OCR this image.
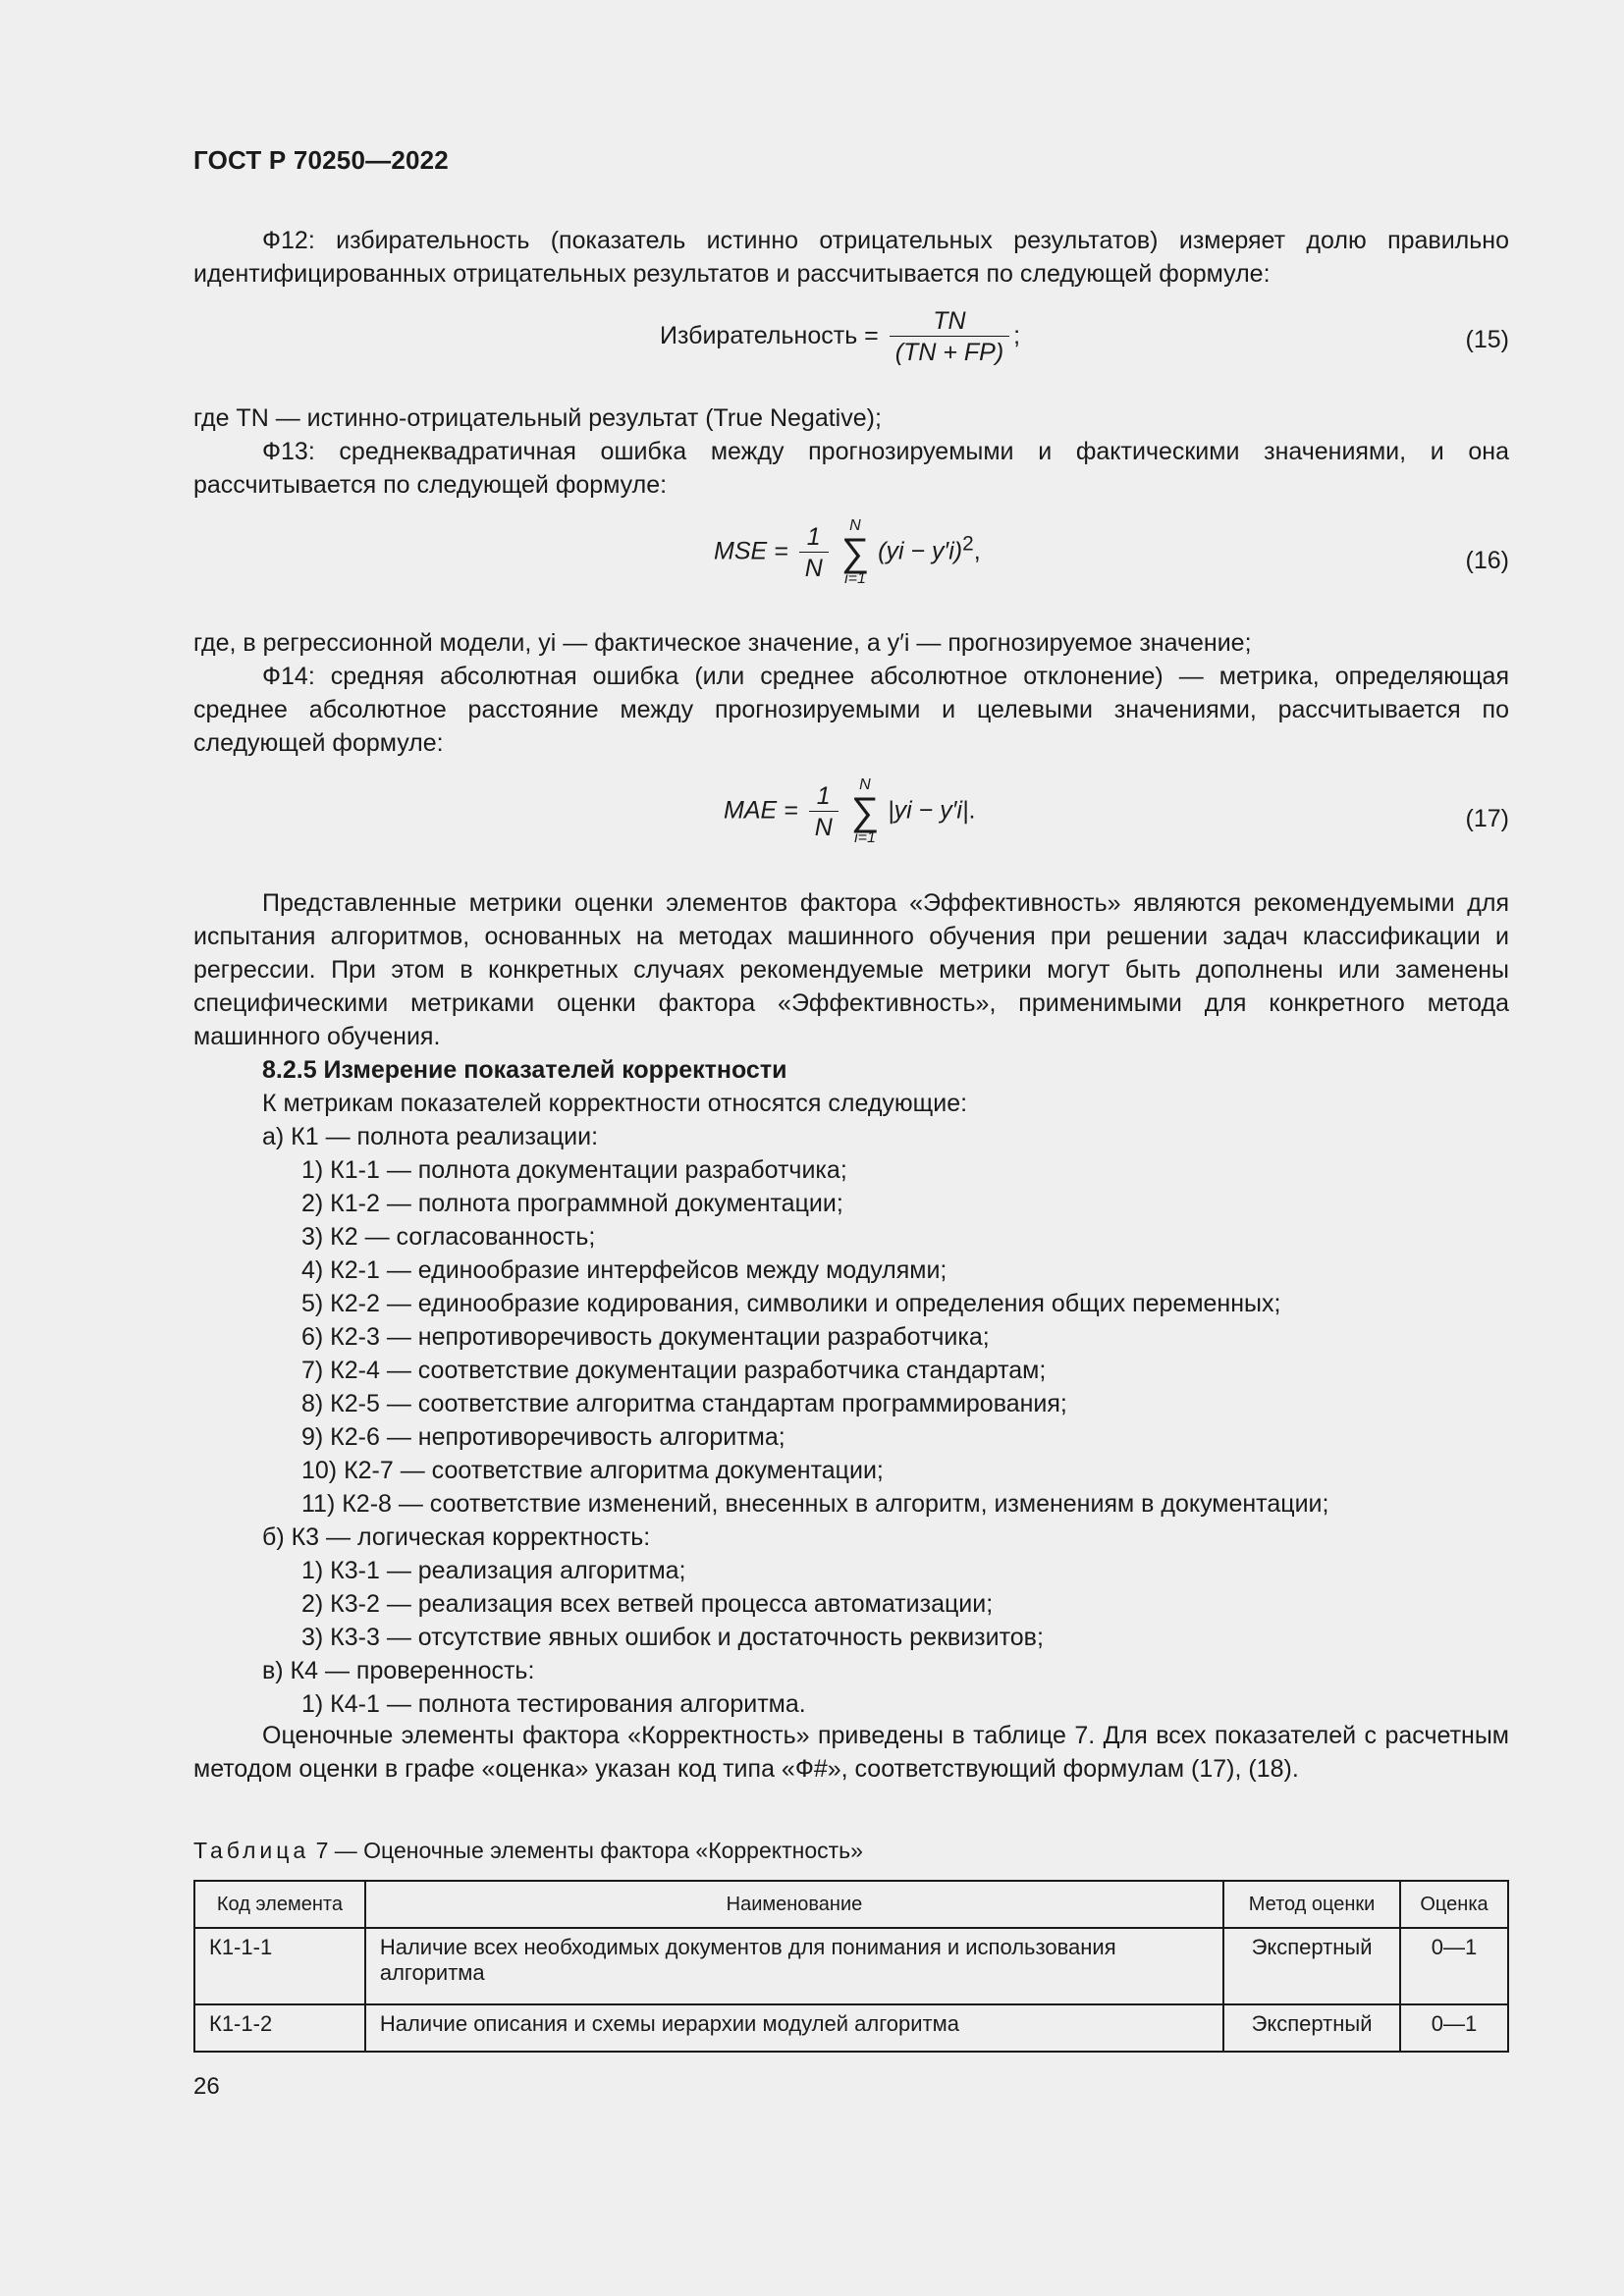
ГОСТ Р 70250—2022
Ф12: избирательность (показатель истинно отрицательных результатов) измеряет долю правильно идентифицированных отрицательных результатов и рассчитывается по следующей формуле:
Избирательность = $\frac{TN}{(TN + FP)}$ ;	(15)
где TN — истинно-отрицательный результат (True Negative);
Ф13: среднеквадратичная ошибка между прогнозируемыми и фактическими значениями, и она рассчитывается по следующей формуле:
MSE = $\frac{1}{N}$
N
∑
i=1
(yi − y′i)$^2$,	(16)
где, в регрессионной модели, yi — фактическое значение, а y′i — прогнозируемое значение;
Ф14: средняя абсолютная ошибка (или среднее абсолютное отклонение) — метрика, определяющая среднее абсолютное расстояние между прогнозируемыми и целевыми значениями, рассчитывается по следующей формуле:
MAE = $\frac{1}{N}$
N
∑
i=1
|yi − y′i|.	(17)
Представленные метрики оценки элементов фактора «Эффективность» являются рекомендуемыми для испытания алгоритмов, основанных на методах машинного обучения при решении задач классификации и регрессии. При этом в конкретных случаях рекомендуемые метрики могут быть дополнены или заменены специфическими метриками оценки фактора «Эффективность», применимыми для конкретного метода машинного обучения.
8.2.5 Измерение показателей корректности
К метрикам показателей корректности относятся следующие:
а) К1 — полнота реализации:
1) К1-1 — полнота документации разработчика;
2) К1-2 — полнота программной документации;
3) К2 — согласованность;
4) К2-1 — единообразие интерфейсов между модулями;
5) К2-2 — единообразие кодирования, символики и определения общих переменных;
6) К2-3 — непротиворечивость документации разработчика;
7) К2-4 — соответствие документации разработчика стандартам;
8) К2-5 — соответствие алгоритма стандартам программирования;
9) К2-6 — непротиворечивость алгоритма;
10) К2-7 — соответствие алгоритма документации;
11) К2-8 — соответствие изменений, внесенных в алгоритм, изменениям в документации;
б) К3 — логическая корректность:
1) К3-1 — реализация алгоритма;
2) К3-2 — реализация всех ветвей процесса автоматизации;
3) К3-3 — отсутствие явных ошибок и достаточность реквизитов;
в) К4 — проверенность:
1) К4-1 — полнота тестирования алгоритма.
Оценочные элементы фактора «Корректность» приведены в таблице 7. Для всех показателей с расчетным методом оценки в графе «оценка» указан код типа «Ф#», соответствующий формулам (17), (18).
Таблица 7 — Оценочные элементы фактора «Корректность»
Код элемента	Наименование	Метод оценки	Оценка
К1-1-1	Наличие всех необходимых документов для понимания и использования алгоритма	Экспертный	0—1
К1-1-2	Наличие описания и схемы иерархии модулей алгоритма	Экспертный	0—1
26
